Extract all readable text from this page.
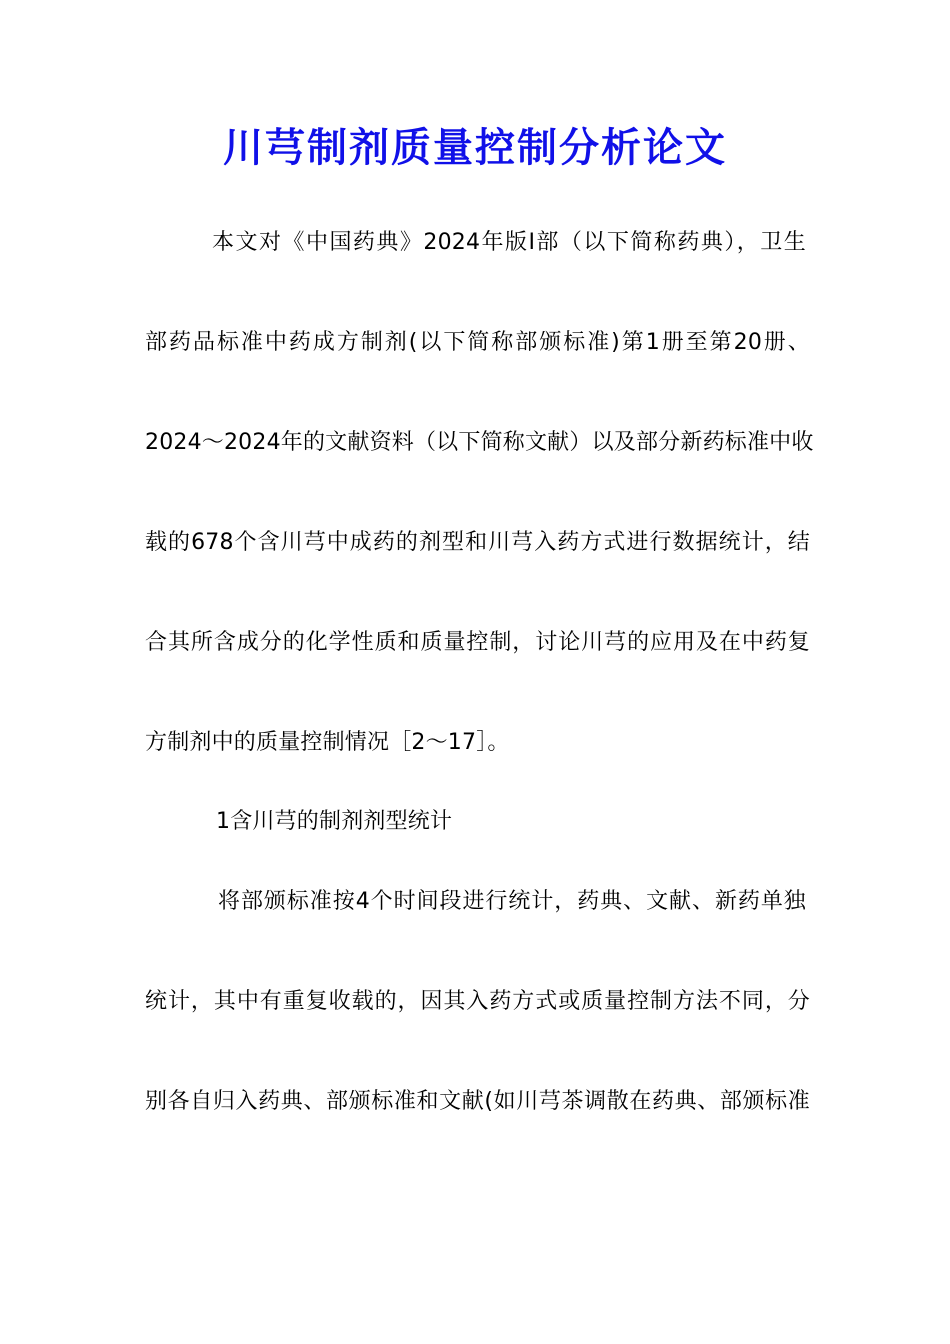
川芎制剂质量控制分析论文
本文对《中国药典》2024年版Ⅰ部（以下简称药典），卫生
部药品标准中药成方制剂(以下简称部颁标准)第1册至第20册、
2024～2024年的文献资料（以下简称文献）以及部分新药标准中收
载的678个含川芎中成药的剂型和川芎入药方式进行数据统计，结
合其所含成分的化学性质和质量控制，讨论川芎的应用及在中药复
方制剂中的质量控制情况［2～17］。
1含川芎的制剂剂型统计
将部颁标准按4个时间段进行统计，药典、文献、新药单独
统计，其中有重复收载的，因其入药方式或质量控制方法不同，分
别各自归入药典、部颁标准和文献(如川芎茶调散在药典、部颁标准
